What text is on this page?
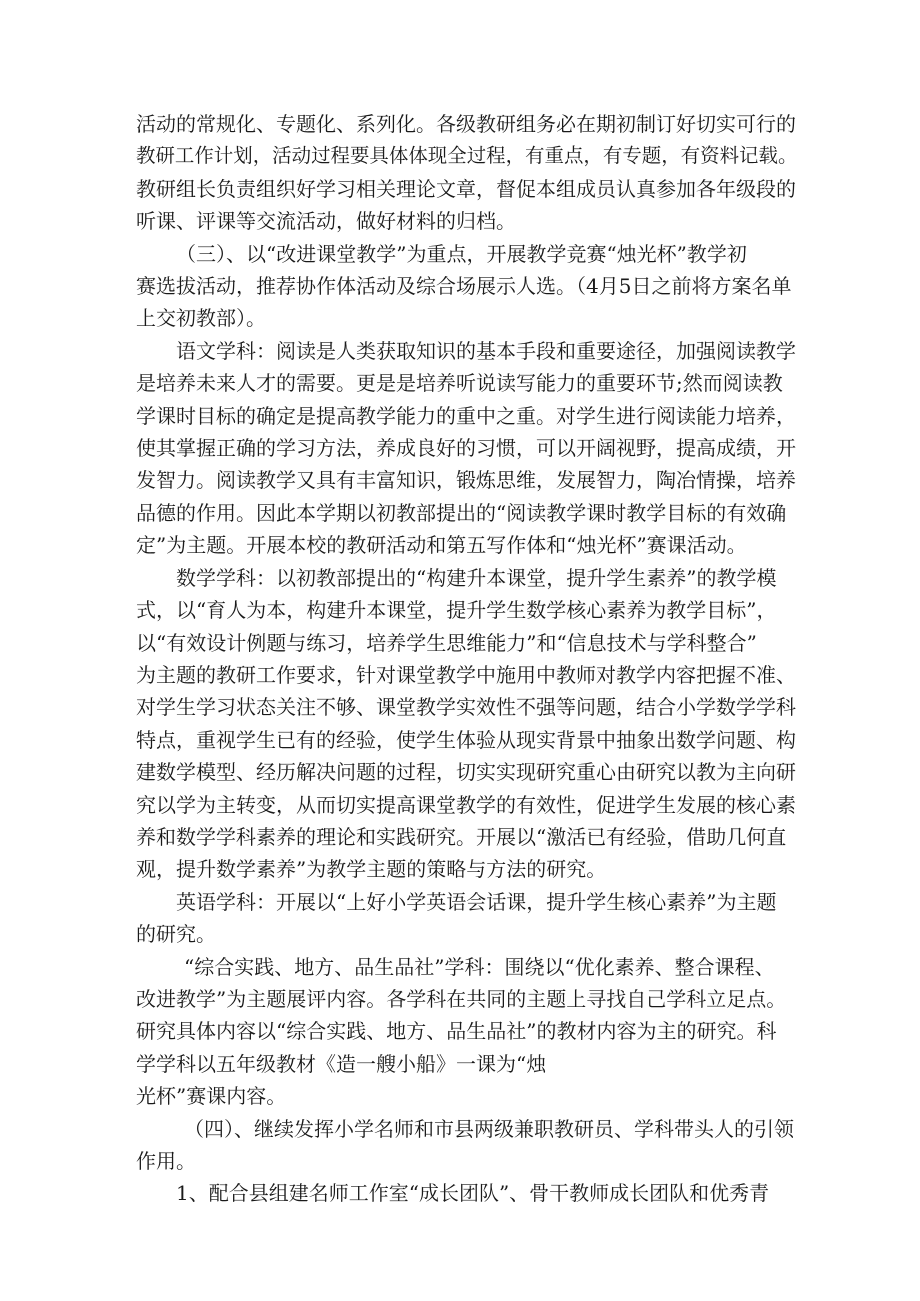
活动的常规化、专题化、系列化。各级教研组务必在期初制订好切实可行的
教研工作计划，活动过程要具体体现全过程，有重点，有专题，有资料记载。
教研组长负责组织好学习相关理论文章，督促本组成员认真参加各年级段的
听课、评课等交流活动，做好材料的归档。
（三）、以“改进课堂教学”为重点，开展教学竞赛“烛光杯”教学初
赛选拔活动，推荐协作体活动及综合场展示人选。（4月5日之前将方案名单
上交初教部）。
语文学科：阅读是人类获取知识的基本手段和重要途径，加强阅读教学
是培养未来人才的需要。更是是培养听说读写能力的重要环节;然而阅读教
学课时目标的确定是提高教学能力的重中之重。对学生进行阅读能力培养，
使其掌握正确的学习方法，养成良好的习惯，可以开阔视野，提高成绩，开
发智力。阅读教学又具有丰富知识，锻炼思维，发展智力，陶冶情操，培养
品德的作用。因此本学期以初教部提出的“阅读教学课时教学目标的有效确
定”为主题。开展本校的教研活动和第五写作体和“烛光杯”赛课活动。
数学学科：以初教部提出的“构建升本课堂，提升学生素养”的教学模
式，以“育人为本，构建升本课堂，提升学生数学核心素养为教学目标”，
以“有效设计例题与练习，培养学生思维能力”和“信息技术与学科整合”
为主题的教研工作要求，针对课堂教学中施用中教师对教学内容把握不准、
对学生学习状态关注不够、课堂教学实效性不强等问题，结合小学数学学科
特点，重视学生已有的经验，使学生体验从现实背景中抽象出数学问题、构
建数学模型、经历解决问题的过程，切实实现研究重心由研究以教为主向研
究以学为主转变，从而切实提高课堂教学的有效性，促进学生发展的核心素
养和数学学科素养的理论和实践研究。开展以“激活已有经验，借助几何直
观，提升数学素养”为教学主题的策略与方法的研究。
英语学科：开展以“上好小学英语会话课，提升学生核心素养”为主题
的研究。
“综合实践、地方、品生品社”学科：围绕以“优化素养、整合课程、
改进教学”为主题展评内容。各学科在共同的主题上寻找自己学科立足点。
研究具体内容以“综合实践、地方、品生品社”的教材内容为主的研究。科
学学科以五年级教材《造一艘小船》一课为“烛
光杯”赛课内容。
（四）、继续发挥小学名师和市县两级兼职教研员、学科带头人的引领
作用。
1、配合县组建名师工作室“成长团队”、骨干教师成长团队和优秀青
